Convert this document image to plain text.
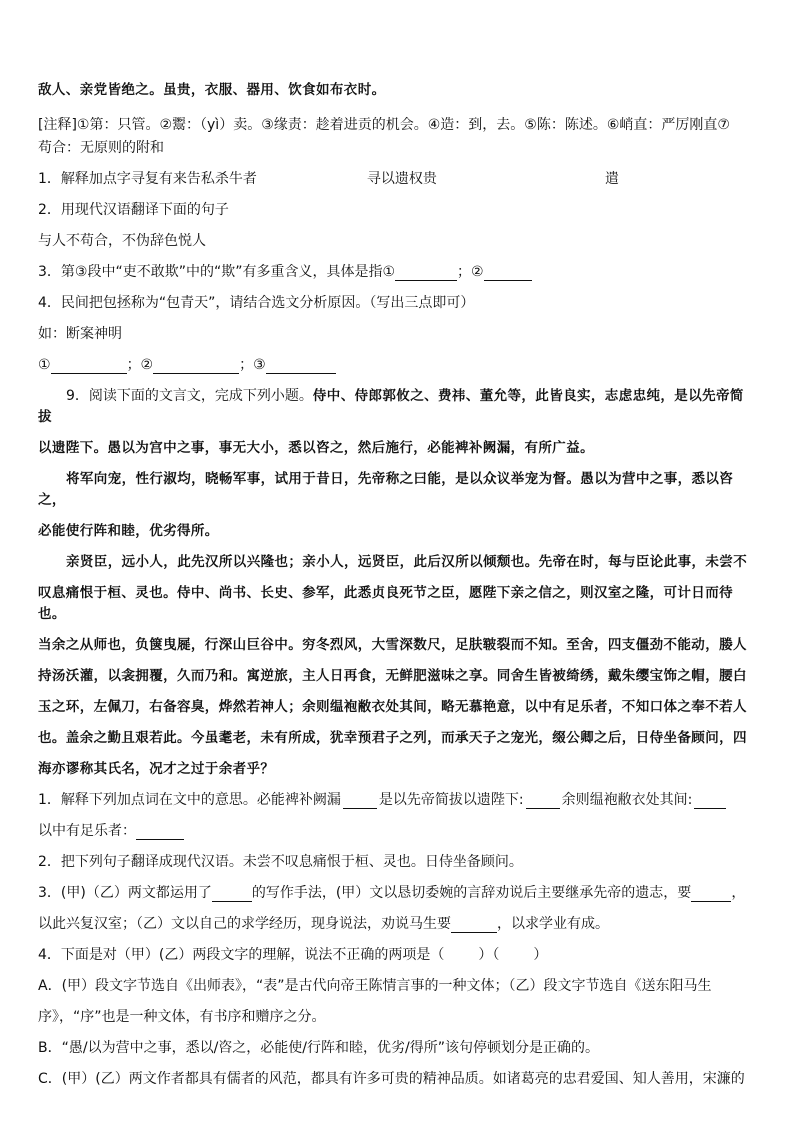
敌人、亲党皆绝之。虽贵，衣服、器用、饮食如布衣时。

[注释]①第：只管。②鬻：（yì）卖。③缘责：趁着进贡的机会。④造：到，去。⑤陈：陈述。⑥峭直：严厉刚直⑦

苟合：无原则的附和

1．解释加点字寻复有来告私杀牛者	寻以遗权贵	遣

2．用现代汉语翻译下面的句子

与人不苟合，不伪辞色悦人

3．第③段中“吏不敢欺”中的“欺”有多重含义，具体是指①	；②

4．民间把包拯称为“包青天”，请结合选文分析原因。（写出三点即可）

如：断案神明

①	；②	；③

9．阅读下面的文言文，完成下列小题。侍中、侍郎郭攸之、费祎、董允等，此皆良实，志虑忠纯，是以先帝简拔

以遗陛下。愚以为宫中之事，事无大小，悉以咨之，然后施行，必能裨补阙漏，有所广益。

将军向宠，性行淑均，晓畅军事，试用于昔日，先帝称之曰能，是以众议举宠为督。愚以为营中之事，悉以咨之，

必能使行阵和睦，优劣得所。

亲贤臣，远小人，此先汉所以兴隆也；亲小人，远贤臣，此后汉所以倾颓也。先帝在时，每与臣论此事，未尝不

叹息痛恨于桓、灵也。侍中、尚书、长史、参军，此悉贞良死节之臣，愿陛下亲之信之，则汉室之隆，可计日而待也。

当余之从师也，负箧曳屣，行深山巨谷中。穷冬烈风，大雪深数尺，足肤皲裂而不知。至舍，四支僵劲不能动，媵人

持汤沃灌，以衾拥覆，久而乃和。寓逆旅，主人日再食，无鲜肥滋味之享。同舍生皆被绮绣，戴朱缨宝饰之帽，腰白

玉之环，左佩刀，右备容臭，烨然若神人；余则缊袍敝衣处其间，略无慕艳意，以中有足乐者，不知口体之奉不若人

也。盖余之勤且艰若此。今虽耄老，未有所成，犹幸预君子之列，而承天子之宠光，缀公卿之后，日侍坐备顾问，四

海亦谬称其氏名，况才之过于余者乎？

1．解释下列加点词在文中的意思。必能裨补阙漏	是以先帝简拔以遗陛下:	余则缊袍敝衣处其间:
以中有足乐者：

2．把下列句子翻译成现代汉语。未尝不叹息痛恨于桓、灵也。日侍坐备顾问。

3．(甲)（乙）两文都运用了	的写作手法，(甲）文以恳切委婉的言辞劝说后主要继承先帝的遗志，要	，
以此兴复汉室；（乙）文以自己的求学经历，现身说法，劝说马生要	，以求学业有成。
4．下面是对（甲）(乙）两段文字的理解，说法不正确的两项是（ ）（ ）

A．(甲）段文字节选自《出师表》，“表”是古代向帝王陈情言事的一种文体；（乙）段文字节选自《送东阳马生

序》，“序”也是一种文体，有书序和赠序之分。

B．“愚/以为营中之事，悉以/咨之，必能使/行阵和睦，优劣/得所”该句停顿划分是正确的。

C．(甲）(乙）两文作者都具有儒者的风范，都具有许多可贵的精神品质。如诸葛亮的忠君爱国、知人善用，宋濂的
